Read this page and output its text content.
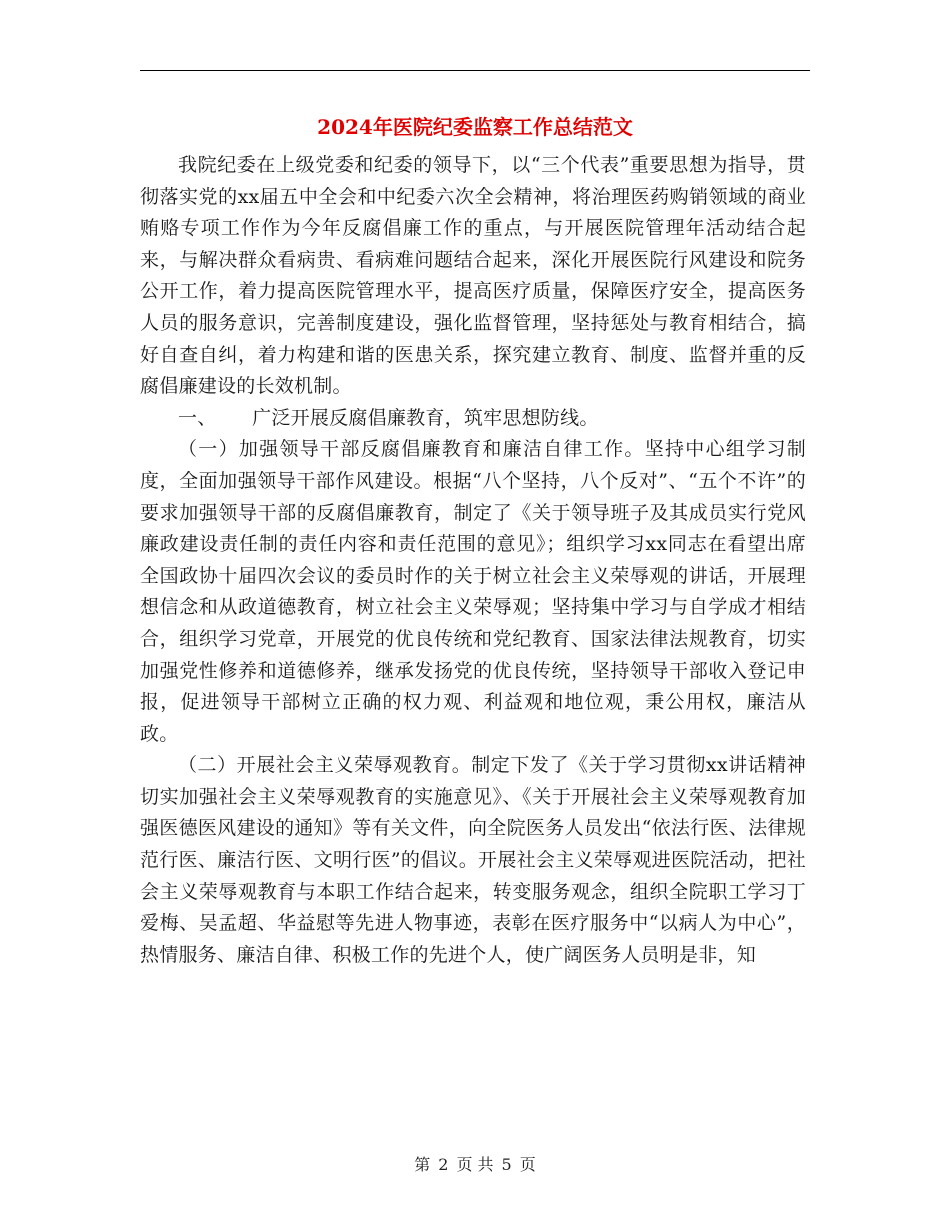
2024年医院纪委监察工作总结范文

我院纪委在上级党委和纪委的领导下，以“三个代表”重要思想为指导，贯彻落实党的xx届五中全会和中纪委六次全会精神，将治理医药购销领域的商业贿赂专项工作作为今年反腐倡廉工作的重点，与开展医院管理年活动结合起来，与解决群众看病贵、看病难问题结合起来，深化开展医院行风建设和院务公开工作，着力提高医院管理水平，提高医疗质量，保障医疗安全，提高医务人员的服务意识，完善制度建设，强化监督管理，坚持惩处与教育相结合，搞好自查自纠，着力构建和谐的医患关系，探究建立教育、制度、监督并重的反腐倡廉建设的长效机制。

一、 广泛开展反腐倡廉教育，筑牢思想防线。

（一）加强领导干部反腐倡廉教育和廉洁自律工作。坚持中心组学习制度，全面加强领导干部作风建设。根据“八个坚持，八个反对”、“五个不许”的要求加强领导干部的反腐倡廉教育，制定了《关于领导班子及其成员实行党风廉政建设责任制的责任内容和责任范围的意见》；组织学习xx同志在看望出席全国政协十届四次会议的委员时作的关于树立社会主义荣辱观的讲话，开展理想信念和从政道德教育，树立社会主义荣辱观；坚持集中学习与自学成才相结合，组织学习党章，开展党的优良传统和党纪教育、国家法律法规教育，切实加强党性修养和道德修养，继承发扬党的优良传统，坚持领导干部收入登记申报，促进领导干部树立正确的权力观、利益观和地位观，秉公用权，廉洁从政。

（二）开展社会主义荣辱观教育。制定下发了《关于学习贯彻xx讲话精神切实加强社会主义荣辱观教育的实施意见》、《关于开展社会主义荣辱观教育加强医德医风建设的通知》等有关文件，向全院医务人员发出“依法行医、法律规范行医、廉洁行医、文明行医”的倡议。开展社会主义荣辱观进医院活动，把社会主义荣辱观教育与本职工作结合起来，转变服务观念，组织全院职工学习丁爱梅、吴孟超、华益慰等先进人物事迹，表彰在医疗服务中“以病人为中心”，热情服务、廉洁自律、积极工作的先进个人，使广阔医务人员明是非，知

第 2 页 共 5 页
